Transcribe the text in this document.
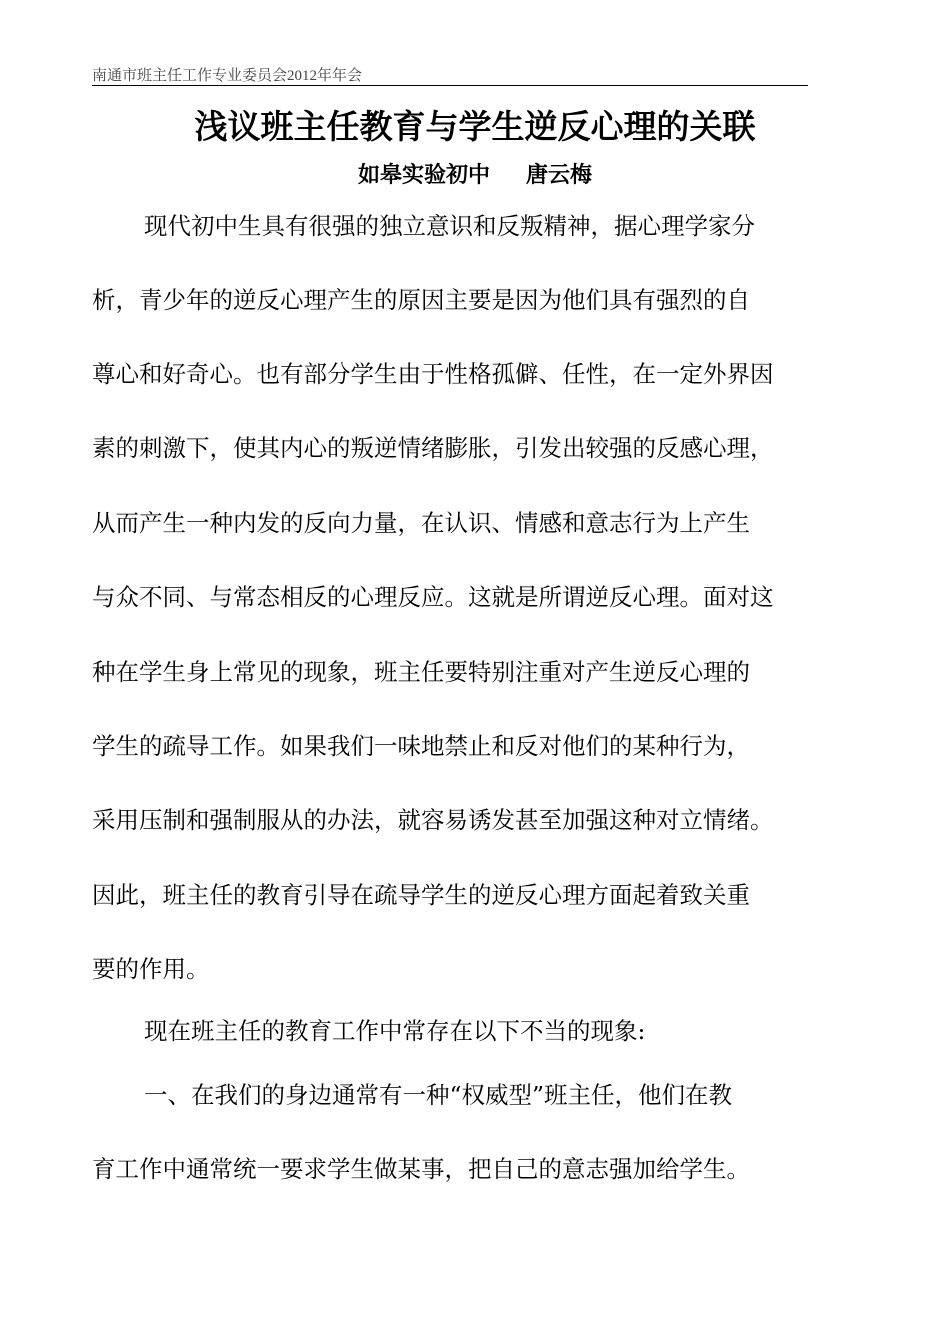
南通市班主任工作专业委员会2012年年会
浅议班主任教育与学生逆反心理的关联
如皋实验初中 唐云梅
现代初中生具有很强的独立意识和反叛精神，据心理学家分
析，青少年的逆反心理产生的原因主要是因为他们具有强烈的自
尊心和好奇心。也有部分学生由于性格孤僻、任性，在一定外界因
素的刺激下，使其内心的叛逆情绪膨胀，引发出较强的反感心理，
从而产生一种内发的反向力量，在认识、情感和意志行为上产生
与众不同、与常态相反的心理反应。这就是所谓逆反心理。面对这
种在学生身上常见的现象，班主任要特别注重对产生逆反心理的
学生的疏导工作。如果我们一味地禁止和反对他们的某种行为，
采用压制和强制服从的办法，就容易诱发甚至加强这种对立情绪。
因此，班主任的教育引导在疏导学生的逆反心理方面起着致关重
要的作用。
现在班主任的教育工作中常存在以下不当的现象:
一、在我们的身边通常有一种“权威型”班主任，他们在教
育工作中通常统一要求学生做某事，把自己的意志强加给学生。
